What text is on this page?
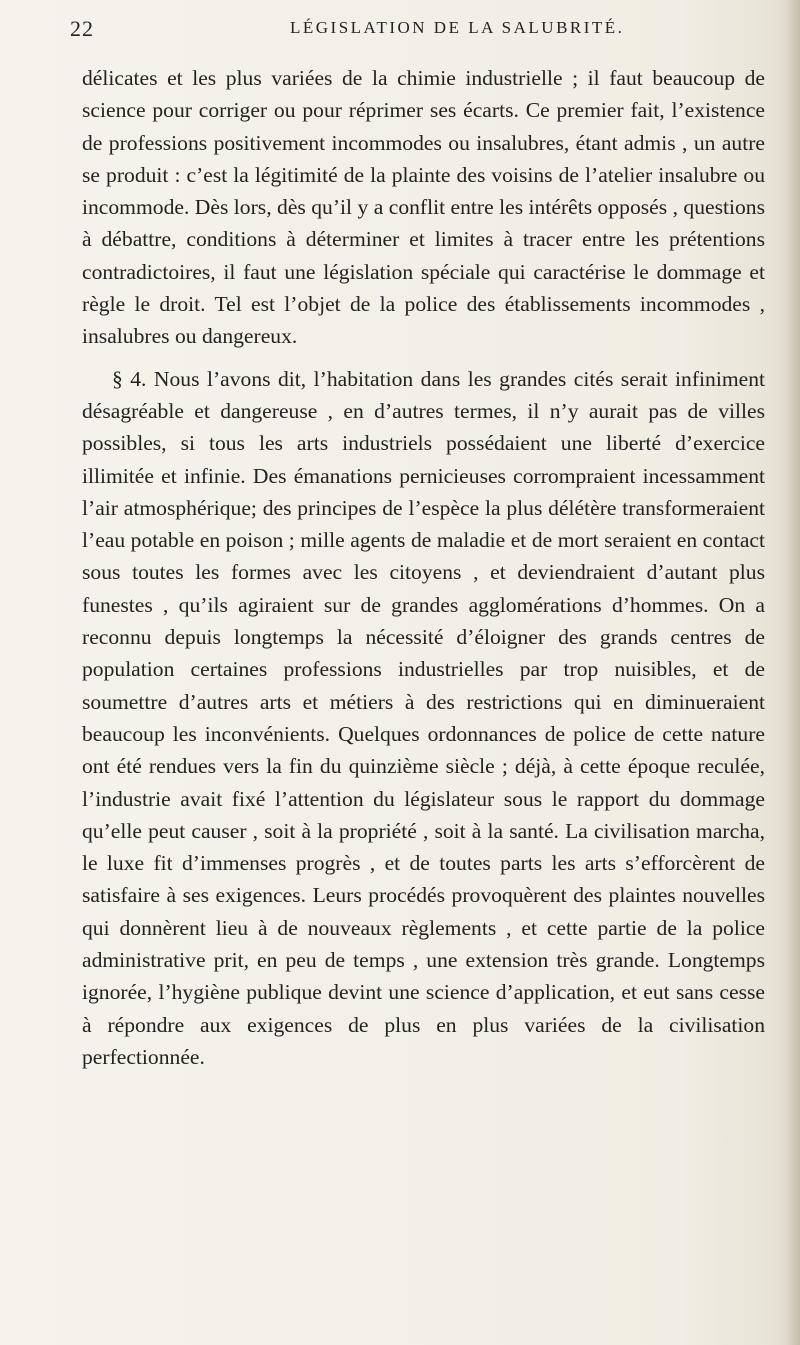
22	LÉGISLATION DE LA SALUBRITÉ.

délicates et les plus variées de la chimie industrielle ; il faut beaucoup de science pour corriger ou pour réprimer ses écarts. Ce premier fait, l’existence de professions positivement incommodes ou insalubres, étant admis , un autre se produit : c’est la légitimité de la plainte des voisins de l’atelier insalubre ou incommode. Dès lors, dès qu’il y a conflit entre les intérêts opposés , questions à débattre, conditions à déterminer et limites à tracer entre les prétentions contradictoires, il faut une législation spéciale qui caractérise le dommage et règle le droit. Tel est l’objet de la police des établissements incommodes , insalubres ou dangereux.

§ 4. Nous l’avons dit, l’habitation dans les grandes cités serait infiniment désagréable et dangereuse , en d’autres termes, il n’y aurait pas de villes possibles, si tous les arts industriels possédaient une liberté d’exercice illimitée et infinie. Des émanations pernicieuses corrompraient incessamment l’air atmosphérique; des principes de l’espèce la plus délétère transformeraient l’eau potable en poison ; mille agents de maladie et de mort seraient en contact sous toutes les formes avec les citoyens , et deviendraient d’autant plus funestes , qu’ils agiraient sur de grandes agglomérations d’hommes. On a reconnu depuis longtemps la nécessité d’éloigner des grands centres de population certaines professions industrielles par trop nuisibles, et de soumettre d’autres arts et métiers à des restrictions qui en diminueraient beaucoup les inconvénients. Quelques ordonnances de police de cette nature ont été rendues vers la fin du quinzième siècle ; déjà, à cette époque reculée, l’industrie avait fixé l’attention du législateur sous le rapport du dommage qu’elle peut causer , soit à la propriété , soit à la santé. La civilisation marcha, le luxe fit d’immenses progrès , et de toutes parts les arts s’efforcèrent de satisfaire à ses exigences. Leurs procédés provoquèrent des plaintes nouvelles qui donnèrent lieu à de nouveaux règlements , et cette partie de la police administrative prit, en peu de temps , une extension très grande. Longtemps ignorée, l’hygiène publique devint une science d’application, et eut sans cesse à répondre aux exigences de plus en plus variées de la civilisation perfectionnée.
